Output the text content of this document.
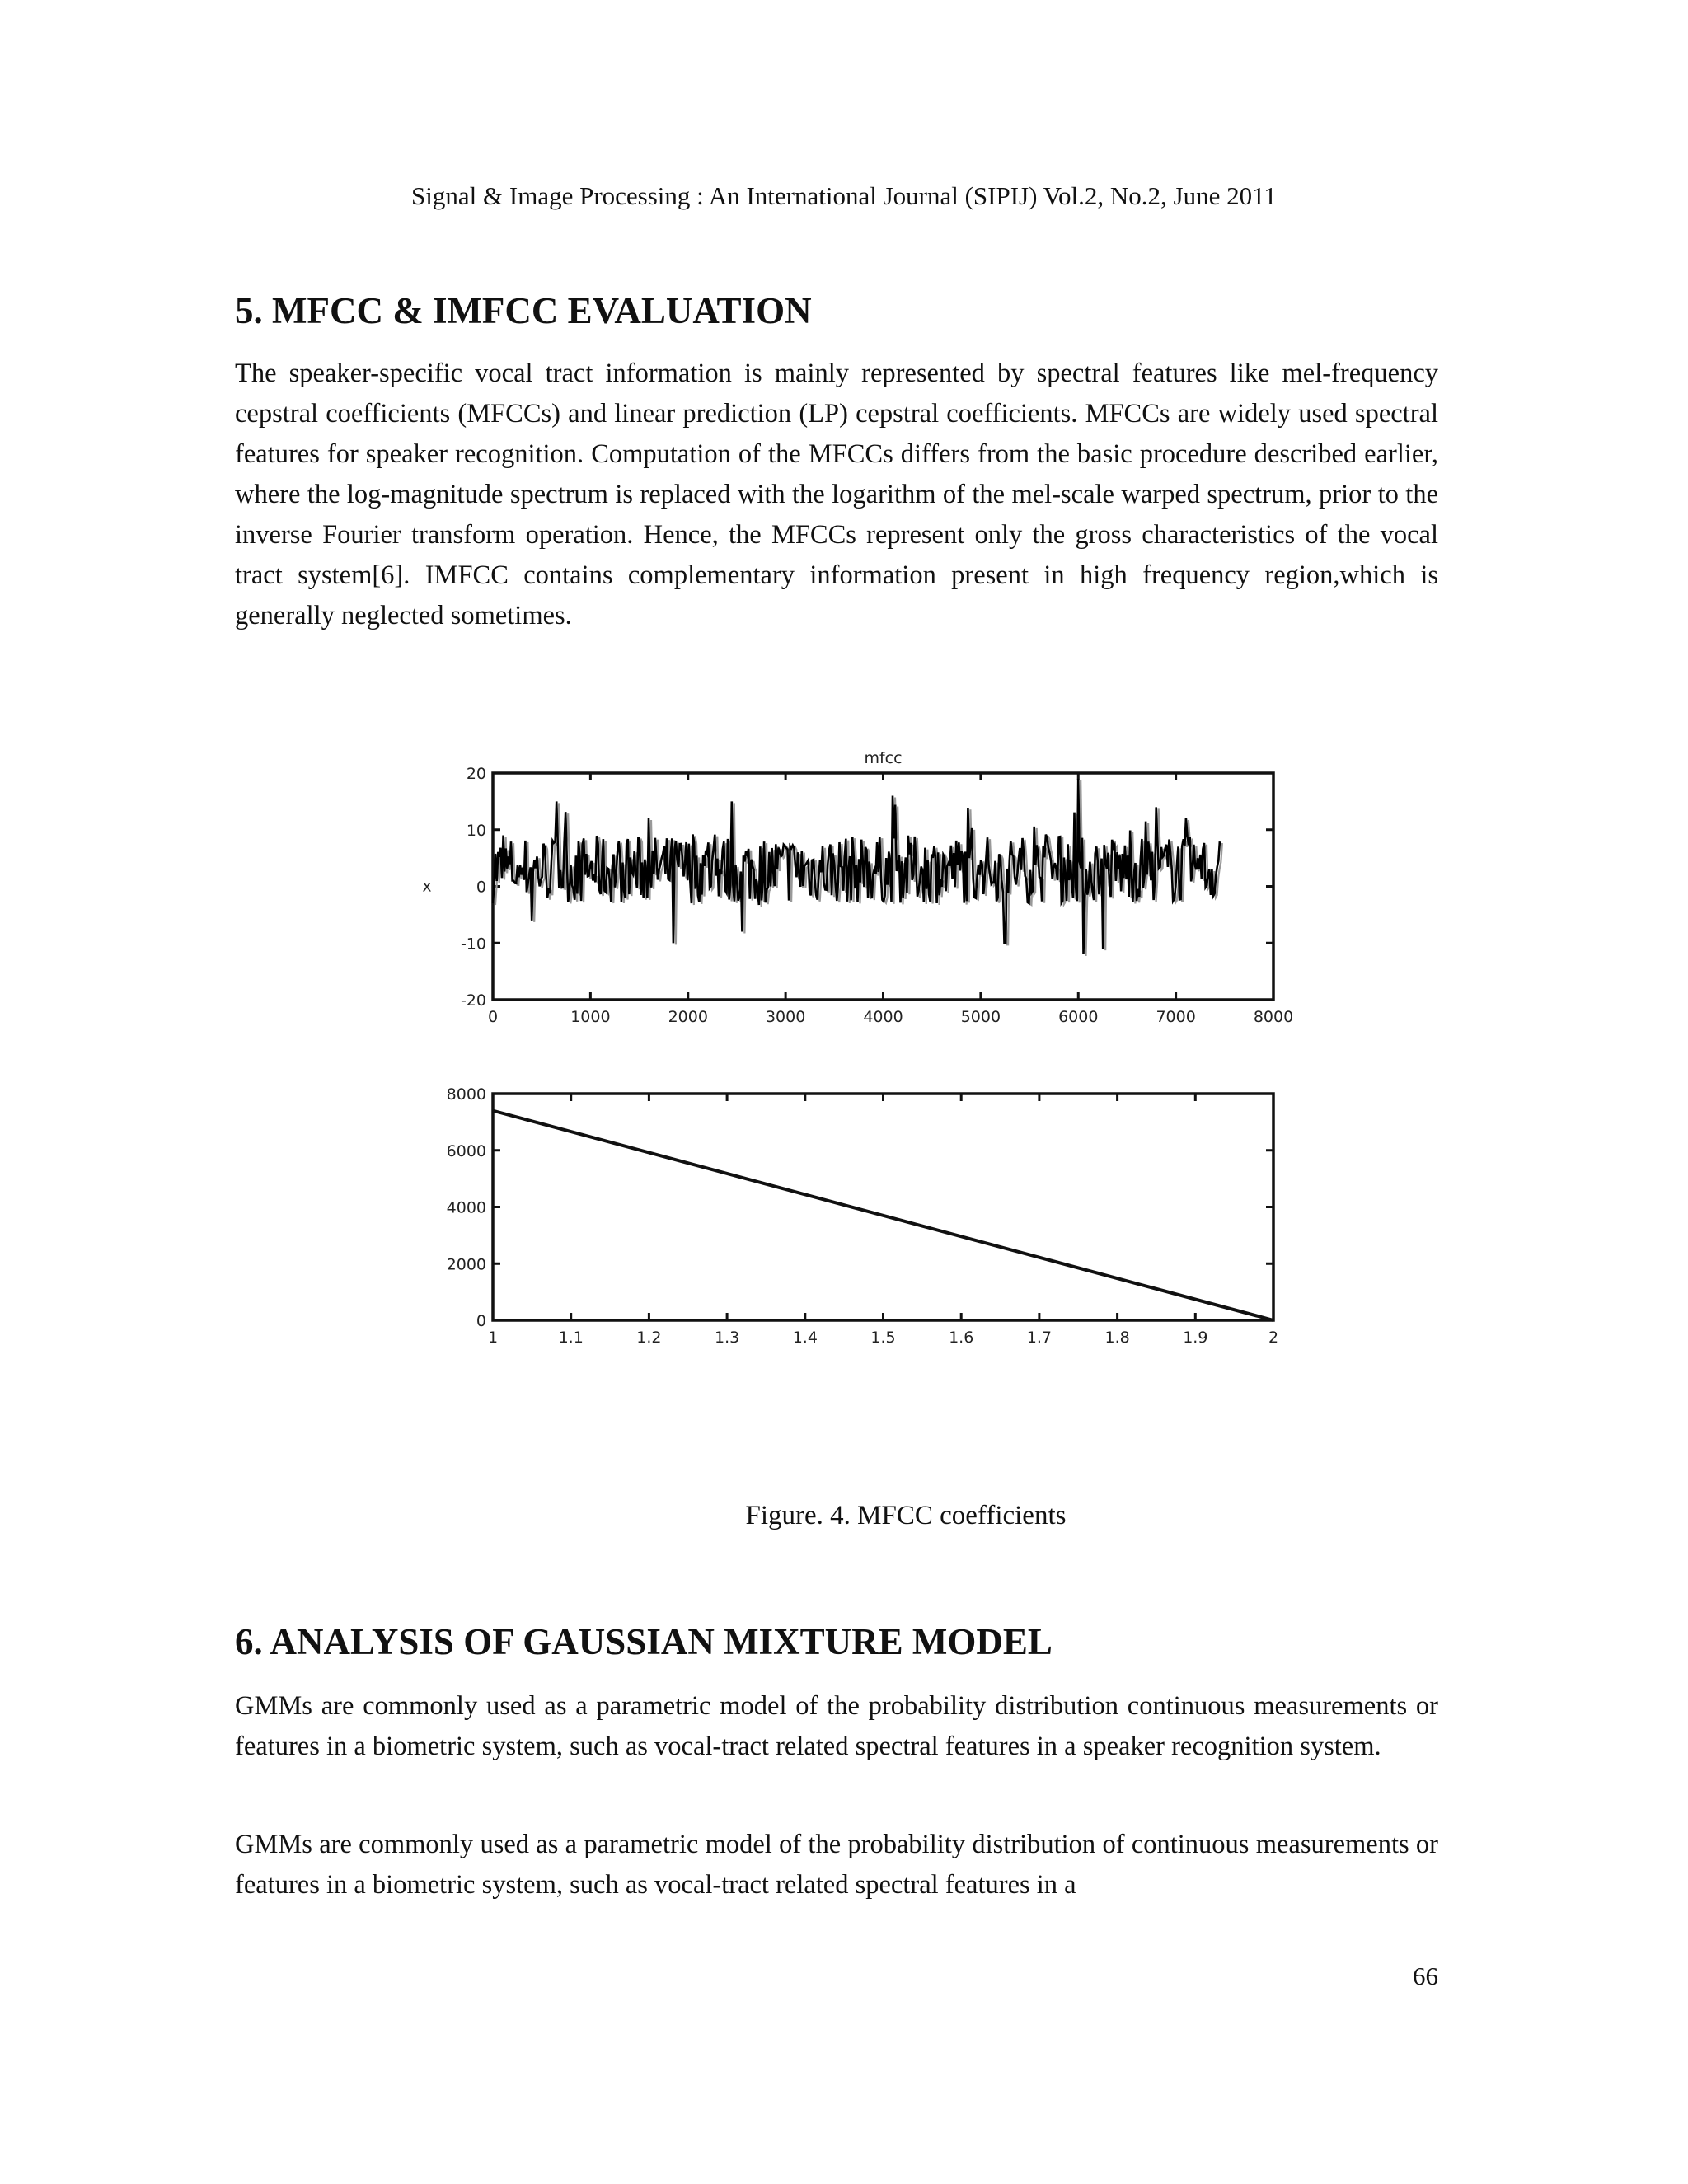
Signal & Image Processing : An International Journal (SIPIJ) Vol.2, No.2, June 2011

5. MFCC & IMFCC EVALUATION

The speaker-specific vocal tract information is mainly represented by spectral features like mel-frequency cepstral coefficients (MFCCs) and linear prediction (LP) cepstral coefficients. MFCCs are widely used spectral features for speaker recognition. Computation of the MFCCs differs from the basic procedure described earlier, where the log-magnitude spectrum is replaced with the logarithm of the mel-scale warped spectrum, prior to the inverse Fourier transform operation. Hence, the MFCCs represent only the gross characteristics of the vocal tract system[6]. IMFCC contains complementary information present in high frequency region,which is generally neglected sometimes.

0	1000	2000	3000	4000	5000	6000	7000	8000
-20
-10
0
10
20
mfcc
x
1	1.1	1.2	1.3	1.4	1.5	1.6	1.7	1.8	1.9	2
0
2000
4000
6000
8000

Figure. 4. MFCC coefficients

6. ANALYSIS OF GAUSSIAN MIXTURE MODEL

GMMs are commonly used as a parametric model of the probability distribution continuous measurements or features in a biometric system, such as vocal-tract related spectral features in a speaker recognition system.

GMMs are commonly used as a parametric model of the probability distribution of continuous measurements or features in a biometric system, such as vocal-tract related spectral features in a

66
